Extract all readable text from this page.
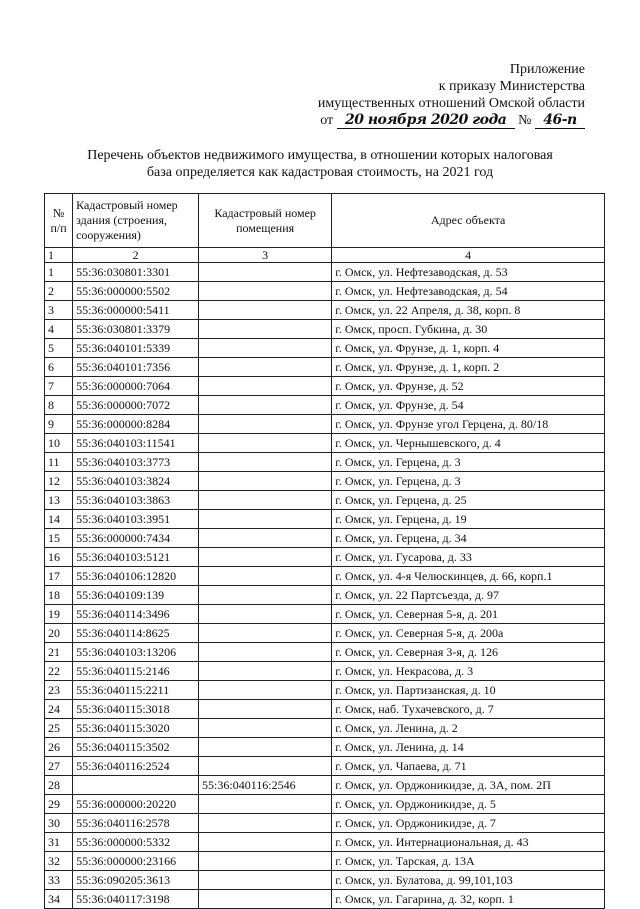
Приложение
к приказу Министерства
имущественных отношений Омской области
от 20 ноября 2020 года № 46-п
Перечень объектов недвижимого имущества, в отношении которых налоговая
база определяется как кадастровая стоимость, на 2021 год
№ п/п	Кадастровый номер здания (строения, сооружения)	Кадастровый номер помещения	Адрес объекта
1	2	3	4
1	55:36:030801:3301		г. Омск, ул. Нефтезаводская, д. 53
2	55:36:000000:5502		г. Омск, ул. Нефтезаводская, д. 54
3	55:36:000000:5411		г. Омск, ул. 22 Апреля, д. 38, корп. 8
4	55:36:030801:3379		г. Омск, просп. Губкина, д. 30
5	55:36:040101:5339		г. Омск, ул. Фрунзе, д. 1, корп. 4
6	55:36:040101:7356		г. Омск, ул. Фрунзе, д. 1, корп. 2
7	55:36:000000:7064		г. Омск, ул. Фрунзе, д. 52
8	55:36:000000:7072		г. Омск, ул. Фрунзе, д. 54
9	55:36:000000:8284		г. Омск, ул. Фрунзе угол Герцена, д. 80/18
10	55:36:040103:11541		г. Омск, ул. Чернышевского, д. 4
11	55:36:040103:3773		г. Омск, ул. Герцена, д. 3
12	55:36:040103:3824		г. Омск, ул. Герцена, д. 3
13	55:36:040103:3863		г. Омск, ул. Герцена, д. 25
14	55:36:040103:3951		г. Омск, ул. Герцена, д. 19
15	55:36:000000:7434		г. Омск, ул. Герцена, д. 34
16	55:36:040103:5121		г. Омск, ул. Гусарова, д. 33
17	55:36:040106:12820		г. Омск, ул. 4-я Челюскинцев, д. 66, корп.1
18	55:36:040109:139		г. Омск, ул. 22 Партсъезда, д. 97
19	55:36:040114:3496		г. Омск, ул. Северная 5-я, д. 201
20	55:36:040114:8625		г. Омск, ул. Северная 5-я, д. 200а
21	55:36:040103:13206		г. Омск, ул. Северная 3-я, д. 126
22	55:36:040115:2146		г. Омск, ул. Некрасова, д. 3
23	55:36:040115:2211		г. Омск, ул. Партизанская, д. 10
24	55:36:040115:3018		г. Омск, наб. Тухачевского, д. 7
25	55:36:040115:3020		г. Омск, ул. Ленина, д. 2
26	55:36:040115:3502		г. Омск, ул. Ленина, д. 14
27	55:36:040116:2524		г. Омск, ул. Чапаева, д. 71
28		55:36:040116:2546	г. Омск, ул. Орджоникидзе, д. 3А, пом. 2П
29	55:36:000000:20220		г. Омск, ул. Орджоникидзе, д. 5
30	55:36:040116:2578		г. Омск, ул. Орджоникидзе, д. 7
31	55:36:000000:5332		г. Омск, ул. Интернациональная, д. 43
32	55:36:000000:23166		г. Омск, ул. Тарская, д. 13А
33	55:36:090205:3613		г. Омск, ул. Булатова, д. 99,101,103
34	55:36:040117:3198		г. Омск, ул. Гагарина, д. 32, корп. 1
